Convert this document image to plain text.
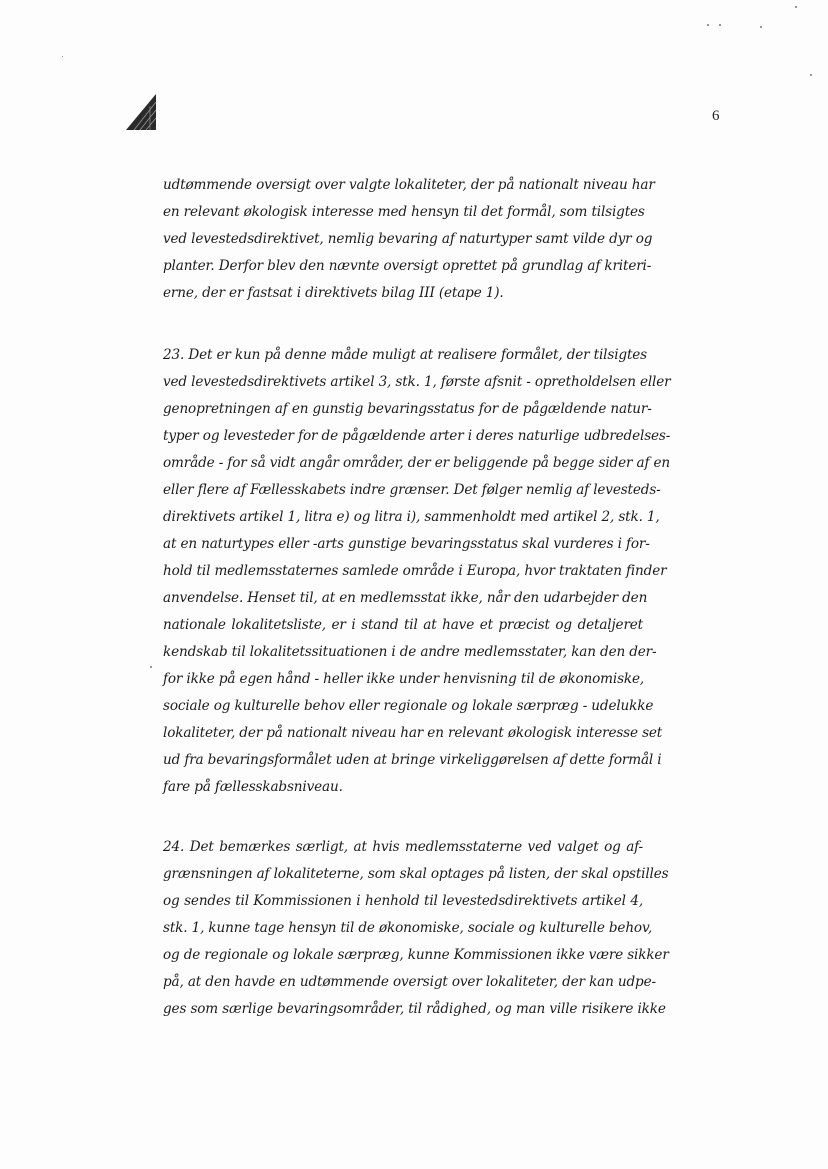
6
udtømmende oversigt over valgte lokaliteter, der på nationalt niveau har
en relevant økologisk interesse med hensyn til det formål, som tilsigtes
ved levestedsdirektivet, nemlig bevaring af naturtyper samt vilde dyr og
planter. Derfor blev den nævnte oversigt oprettet på grundlag af kriteri-
erne, der er fastsat i direktivets bilag III (etape 1).
23. Det er kun på denne måde muligt at realisere formålet, der tilsigtes
ved levestedsdirektivets artikel 3, stk. 1, første afsnit - opretholdelsen eller
genopretningen af en gunstig bevaringsstatus for de pågældende natur-
typer og levesteder for de pågældende arter i deres naturlige udbredelses-
område - for så vidt angår områder, der er beliggende på begge sider af en
eller flere af Fællesskabets indre grænser. Det følger nemlig af levesteds-
direktivets artikel 1, litra e) og litra i), sammenholdt med artikel 2, stk. 1,
at en naturtypes eller -arts gunstige bevaringsstatus skal vurderes i for-
hold til medlemsstaternes samlede område i Europa, hvor traktaten finder
anvendelse. Henset til, at en medlemsstat ikke, når den udarbejder den
nationale lokalitetsliste, er i stand til at have et præcist og detaljeret
kendskab til lokalitetssituationen i de andre medlemsstater, kan den der-
for ikke på egen hånd - heller ikke under henvisning til de økonomiske,
sociale og kulturelle behov eller regionale og lokale særpræg - udelukke
lokaliteter, der på nationalt niveau har en relevant økologisk interesse set
ud fra bevaringsformålet uden at bringe virkeliggørelsen af dette formål i
fare på fællesskabsniveau.
24. Det bemærkes særligt, at hvis medlemsstaterne ved valget og af-
grænsningen af lokaliteterne, som skal optages på listen, der skal opstilles
og sendes til Kommissionen i henhold til levestedsdirektivets artikel 4,
stk. 1, kunne tage hensyn til de økonomiske, sociale og kulturelle behov,
og de regionale og lokale særpræg, kunne Kommissionen ikke være sikker
på, at den havde en udtømmende oversigt over lokaliteter, der kan udpe-
ges som særlige bevaringsområder, til rådighed, og man ville risikere ikke
